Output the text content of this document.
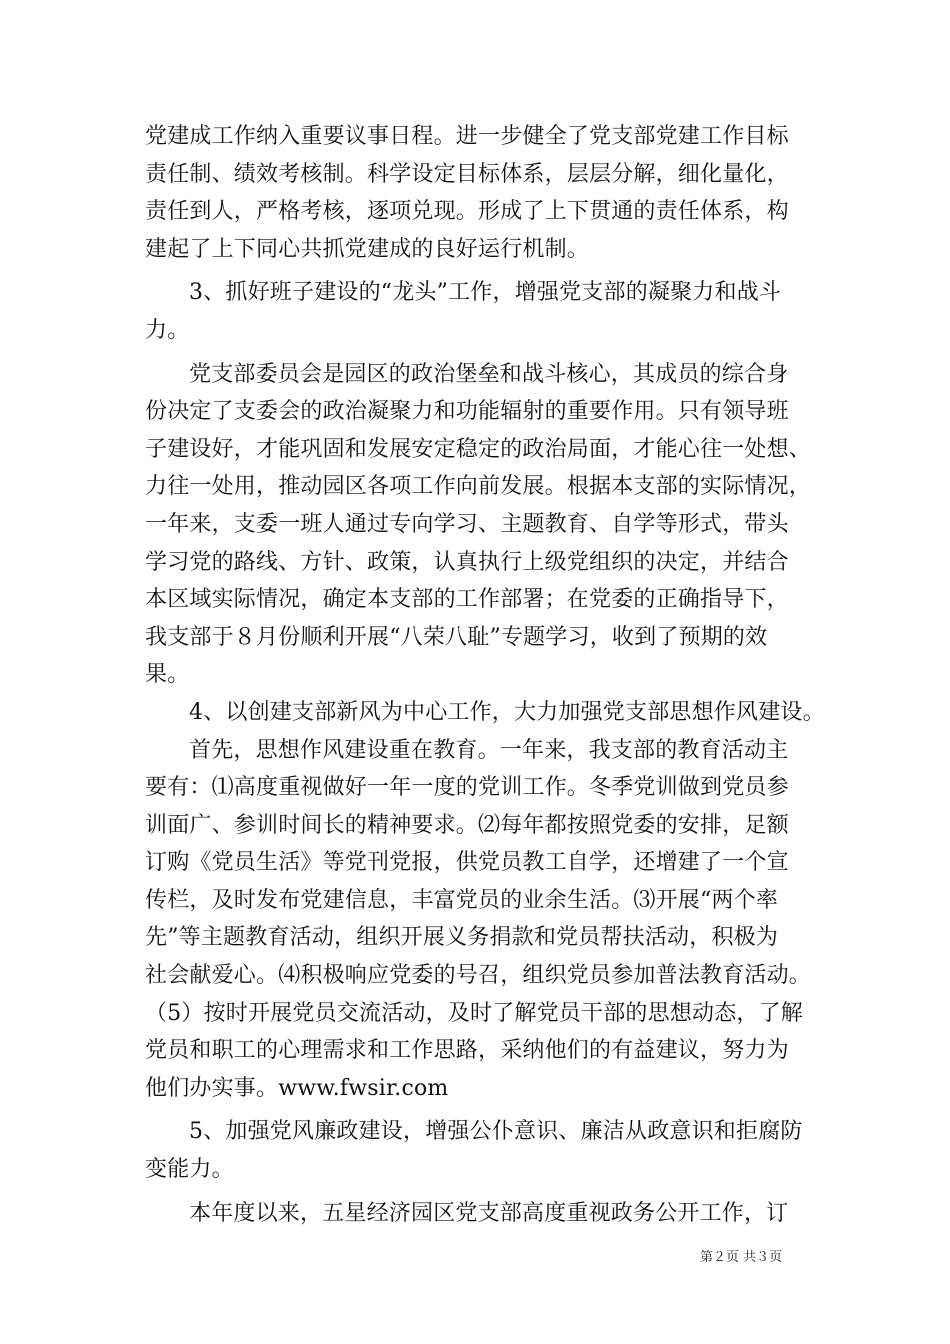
党建成工作纳入重要议事日程。进一步健全了党支部党建工作目标
责任制、绩效考核制。科学设定目标体系，层层分解，细化量化，
责任到人，严格考核，逐项兑现。形成了上下贯通的责任体系，构
建起了上下同心共抓党建成的良好运行机制。
3、抓好班子建设的“龙头”工作，增强党支部的凝聚力和战斗
力。
党支部委员会是园区的政治堡垒和战斗核心，其成员的综合身
份决定了支委会的政治凝聚力和功能辐射的重要作用。只有领导班
子建设好，才能巩固和发展安定稳定的政治局面，才能心往一处想、
力往一处用，推动园区各项工作向前发展。根据本支部的实际情况，
一年来，支委一班人通过专向学习、主题教育、自学等形式，带头
学习党的路线、方针、政策，认真执行上级党组织的决定，并结合
本区域实际情况，确定本支部的工作部署；在党委的正确指导下，
我支部于８月份顺利开展“八荣八耻”专题学习，收到了预期的效
果。
4、以创建支部新风为中心工作，大力加强党支部思想作风建设。
首先，思想作风建设重在教育。一年来，我支部的教育活动主
要有：⑴高度重视做好一年一度的党训工作。冬季党训做到党员参
训面广、参训时间长的精神要求。⑵每年都按照党委的安排，足额
订购《党员生活》等党刊党报，供党员教工自学，还增建了一个宣
传栏，及时发布党建信息，丰富党员的业余生活。⑶开展“两个率
先”等主题教育活动，组织开展义务捐款和党员帮扶活动，积极为
社会献爱心。⑷积极响应党委的号召，组织党员参加普法教育活动。
（5）按时开展党员交流活动，及时了解党员干部的思想动态，了解
党员和职工的心理需求和工作思路，采纳他们的有益建议，努力为
他们办实事。www.fwsir.com
5、加强党风廉政建设，增强公仆意识、廉洁从政意识和拒腐防
变能力。
本年度以来，五星经济园区党支部高度重视政务公开工作，订
第２页 共３页
